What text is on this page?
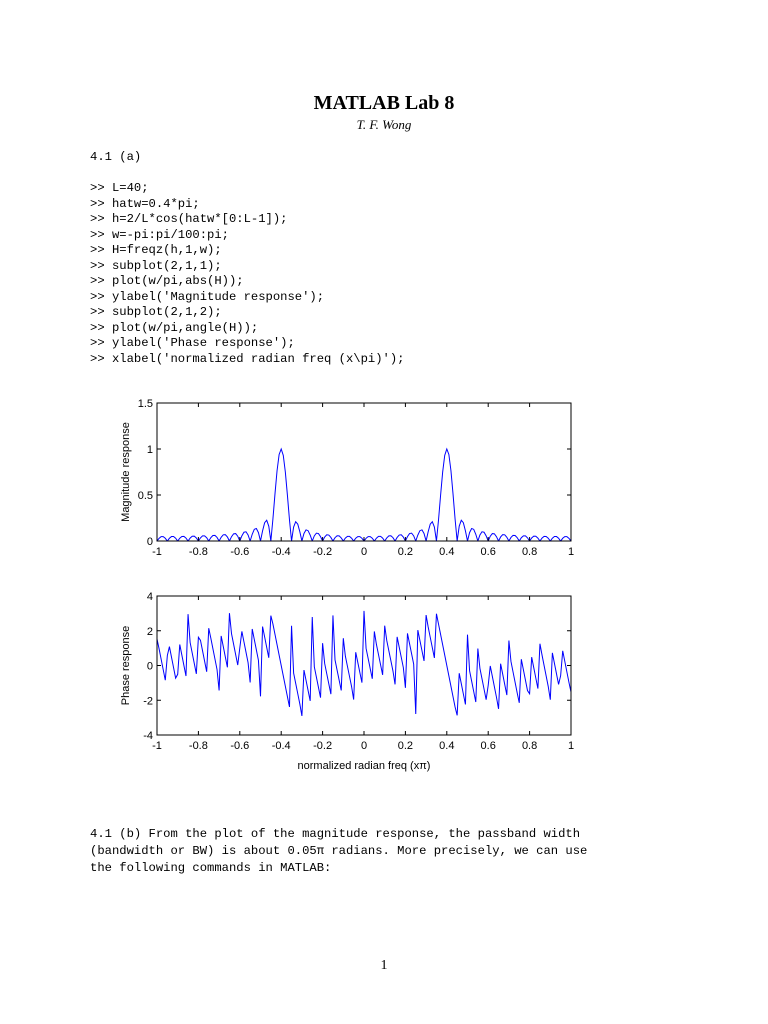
MATLAB Lab 8
T. F. Wong
4.1 (a)
>> L=40;
>> hatw=0.4*pi;
>> h=2/L*cos(hatw*[0:L-1]);
>> w=-pi:pi/100:pi;
>> H=freqz(h,1,w);
>> subplot(2,1,1);
>> plot(w/pi,abs(H));
>> ylabel('Magnitude response');
>> subplot(2,1,2);
>> plot(w/pi,angle(H));
>> ylabel('Phase response');
>> xlabel('normalized radian freq (x\pi)');
-1 -0.8 -0.6 -0.4 -0.2	0	0.2 0.4 0.6 0.8	1
0
0.5
1
1.5
Magnitude response
-1 -0.8 -0.6 -0.4 -0.2	0	0.2 0.4 0.6 0.8	1
-4
-2
0
2
4
Phase response
normalized radian freq (xπ)
4.1 (b) From the plot of the magnitude response, the passband width
(bandwidth or BW) is about 0.05π radians. More precisely, we can use
the following commands in MATLAB:
1
